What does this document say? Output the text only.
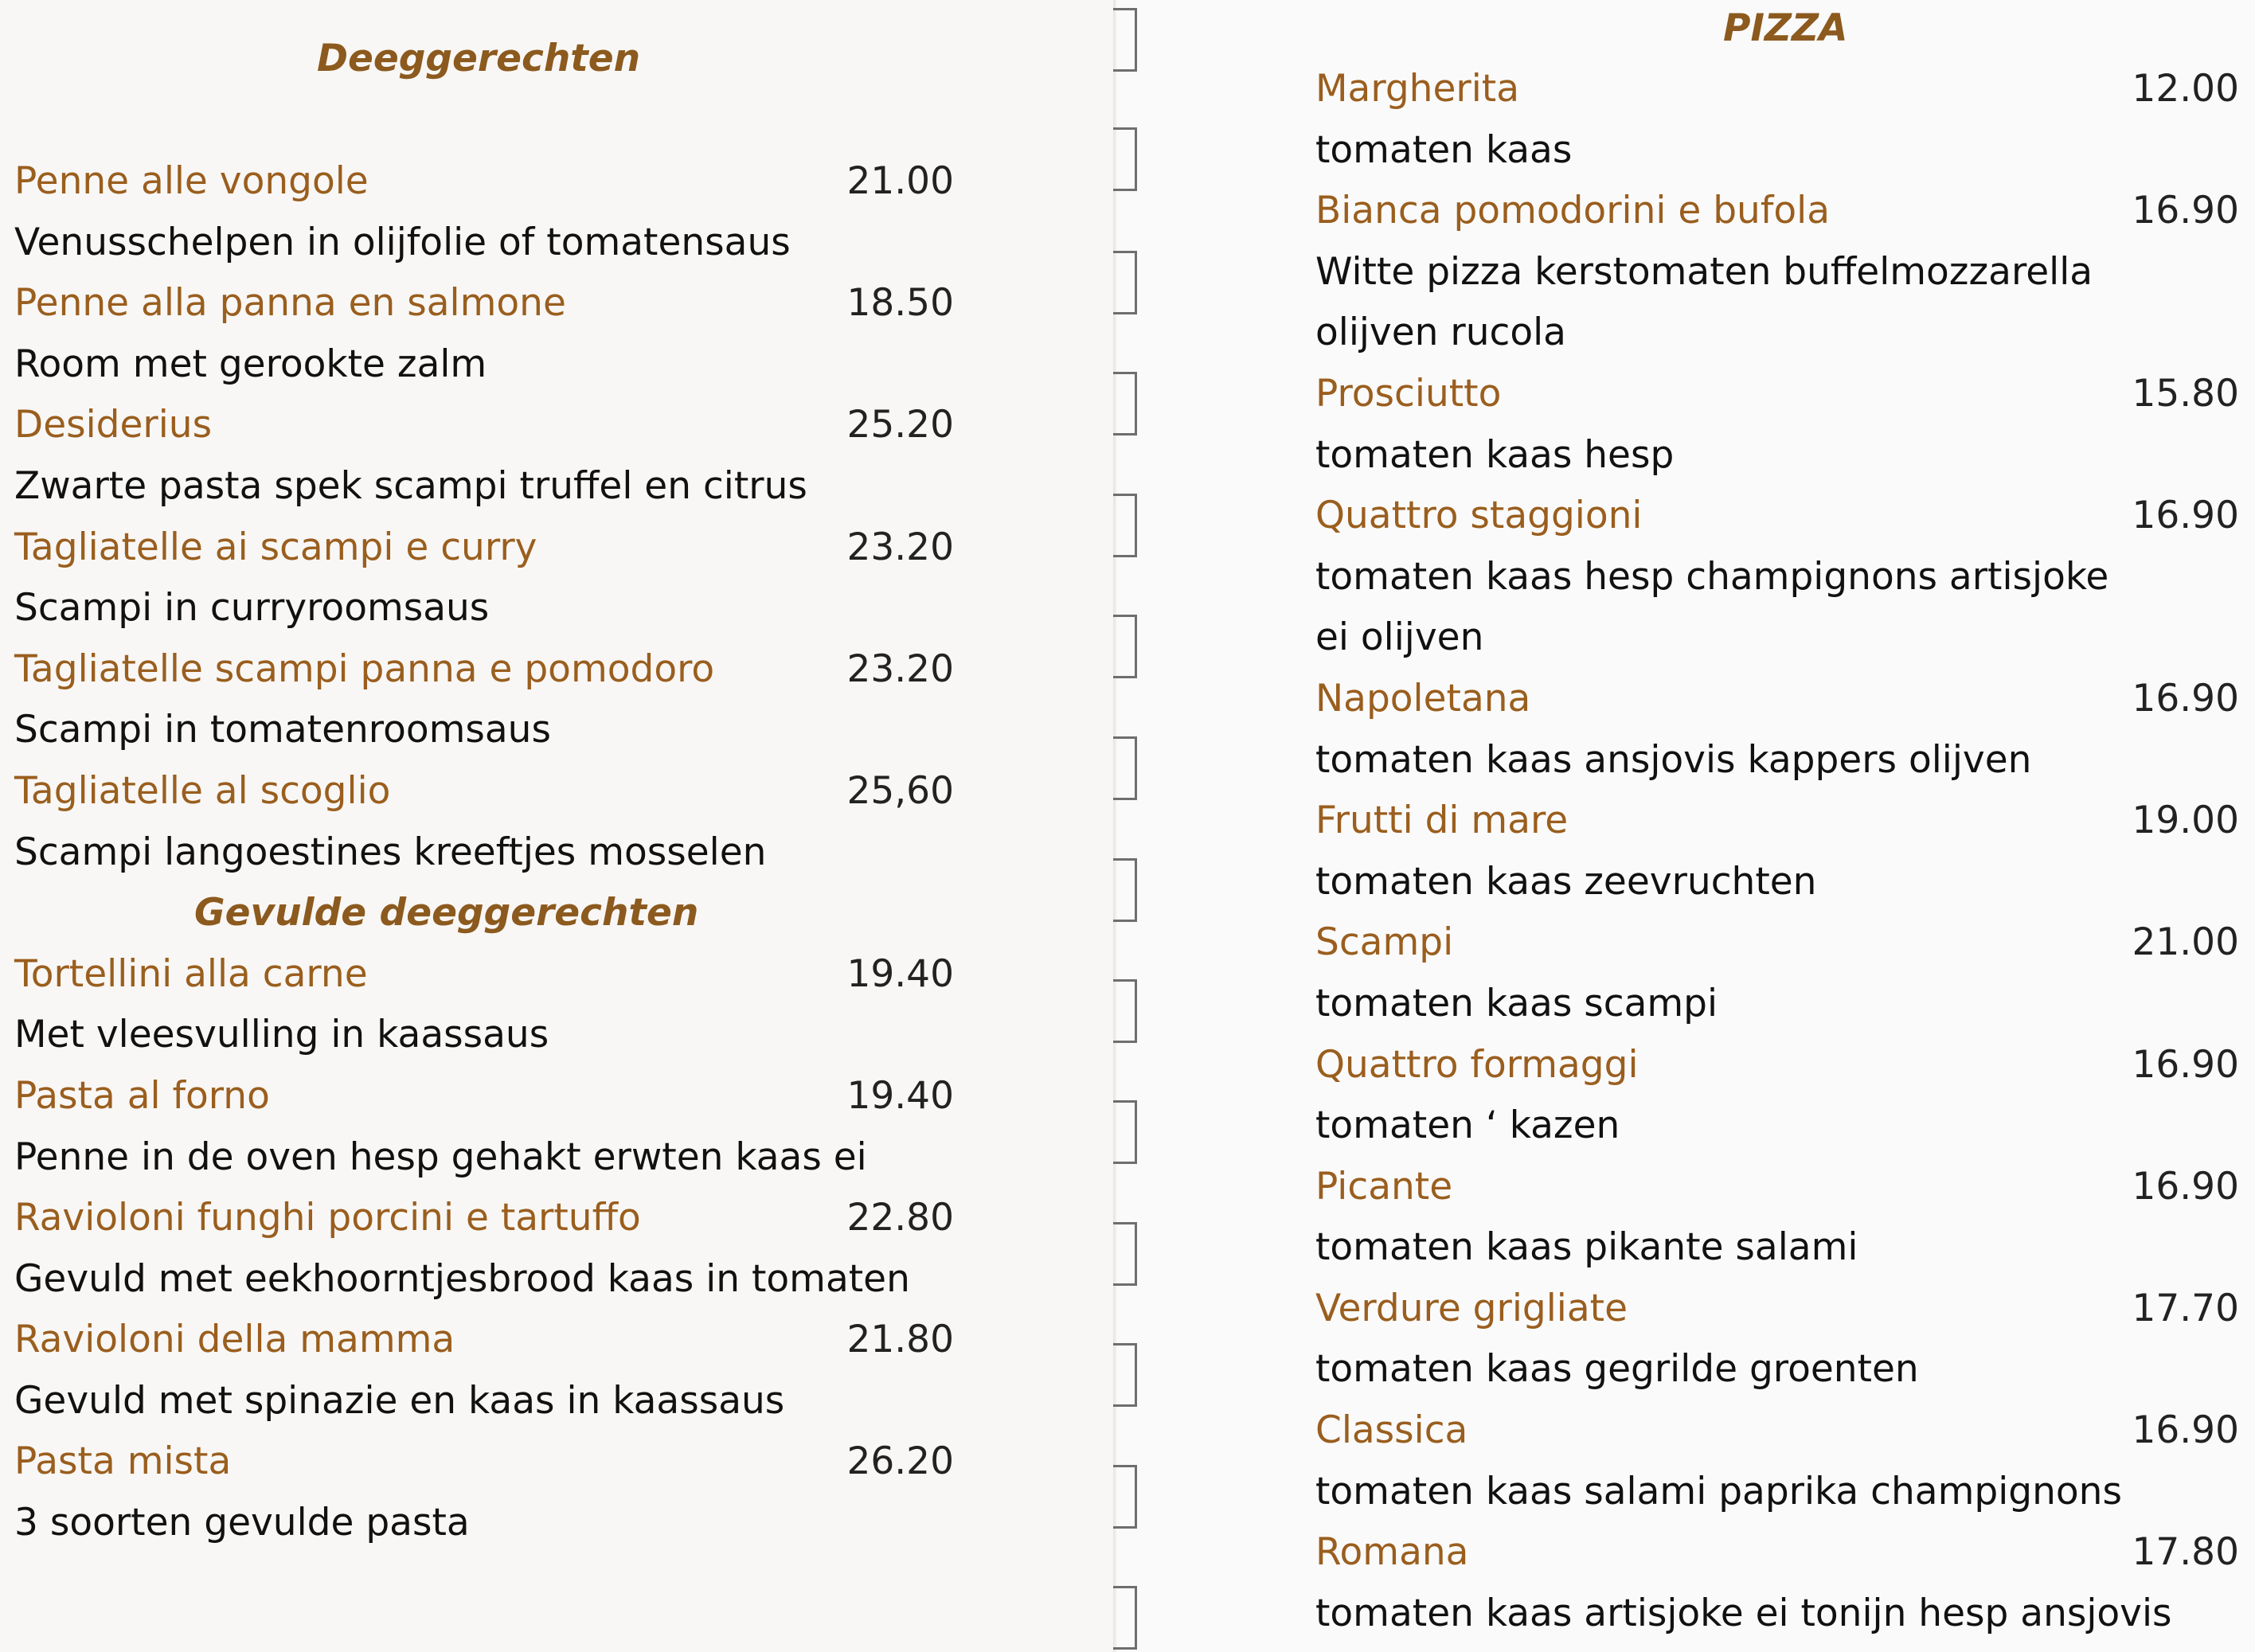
Deeggerechten
Penne alle vongole	21.00
Venusschelpen in olijfolie of tomatensaus
Penne alla panna en salmone	18.50
Room met gerookte zalm
Desiderius	25.20
Zwarte pasta spek scampi truffel en citrus
Tagliatelle ai scampi e curry	23.20
Scampi in curryroomsaus
Tagliatelle scampi panna e pomodoro	23.20
Scampi in tomatenroomsaus
Tagliatelle al scoglio	25,60
Scampi langoestines kreeftjes mosselen
Gevulde deeggerechten
Tortellini alla carne	19.40
Met vleesvulling in kaassaus
Pasta al forno	19.40
Penne in de oven hesp gehakt erwten kaas ei
Ravioloni funghi porcini e tartuffo	22.80
Gevuld met eekhoorntjesbrood kaas in tomaten
Ravioloni della mamma	21.80
Gevuld met spinazie en kaas in kaassaus
Pasta mista	26.20
3 soorten gevulde pasta
PIZZA
Margherita	12.00
tomaten kaas
Bianca pomodorini e bufola	16.90
Witte pizza kerstomaten buffelmozzarella
olijven rucola
Prosciutto	15.80
tomaten kaas hesp
Quattro staggioni	16.90
tomaten kaas hesp champignons artisjoke
ei olijven
Napoletana	16.90
tomaten kaas ansjovis kappers olijven
Frutti di mare	19.00
tomaten kaas zeevruchten
Scampi	21.00
tomaten kaas scampi
Quattro formaggi	16.90
tomaten ‘ kazen
Picante	16.90
tomaten kaas pikante salami
Verdure grigliate	17.70
tomaten kaas gegrilde groenten
Classica	16.90
tomaten kaas salami paprika champignons
Romana	17.80
tomaten kaas artisjoke ei tonijn hesp ansjovis
